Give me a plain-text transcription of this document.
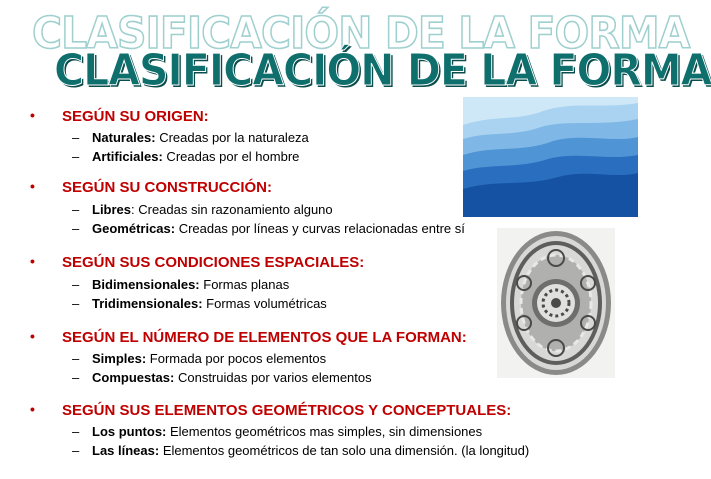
CLASIFICACIÓN DE LA FORMA
CLASIFICACIÓN DE LA FORMA
• SEGÚN SU ORIGEN:
– Naturales: Creadas por la naturaleza
– Artificiales: Creadas por el hombre
• SEGÚN SU CONSTRUCCIÓN:
– Libres: Creadas sin razonamiento alguno
– Geométricas: Creadas por líneas y curvas relacionadas entre sí
• SEGÚN SUS CONDICIONES ESPACIALES:
– Bidimensionales: Formas planas
– Tridimensionales: Formas volumétricas
• SEGÚN EL NÚMERO DE ELEMENTOS QUE LA FORMAN:
– Simples: Formada por pocos elementos
– Compuestas: Construidas por varios elementos
• SEGÚN SUS ELEMENTOS GEOMÉTRICOS Y CONCEPTUALES:
– Los puntos: Elementos geométricos mas simples, sin dimensiones
– Las líneas: Elementos geométricos de tan solo una dimensión. (la longitud)
